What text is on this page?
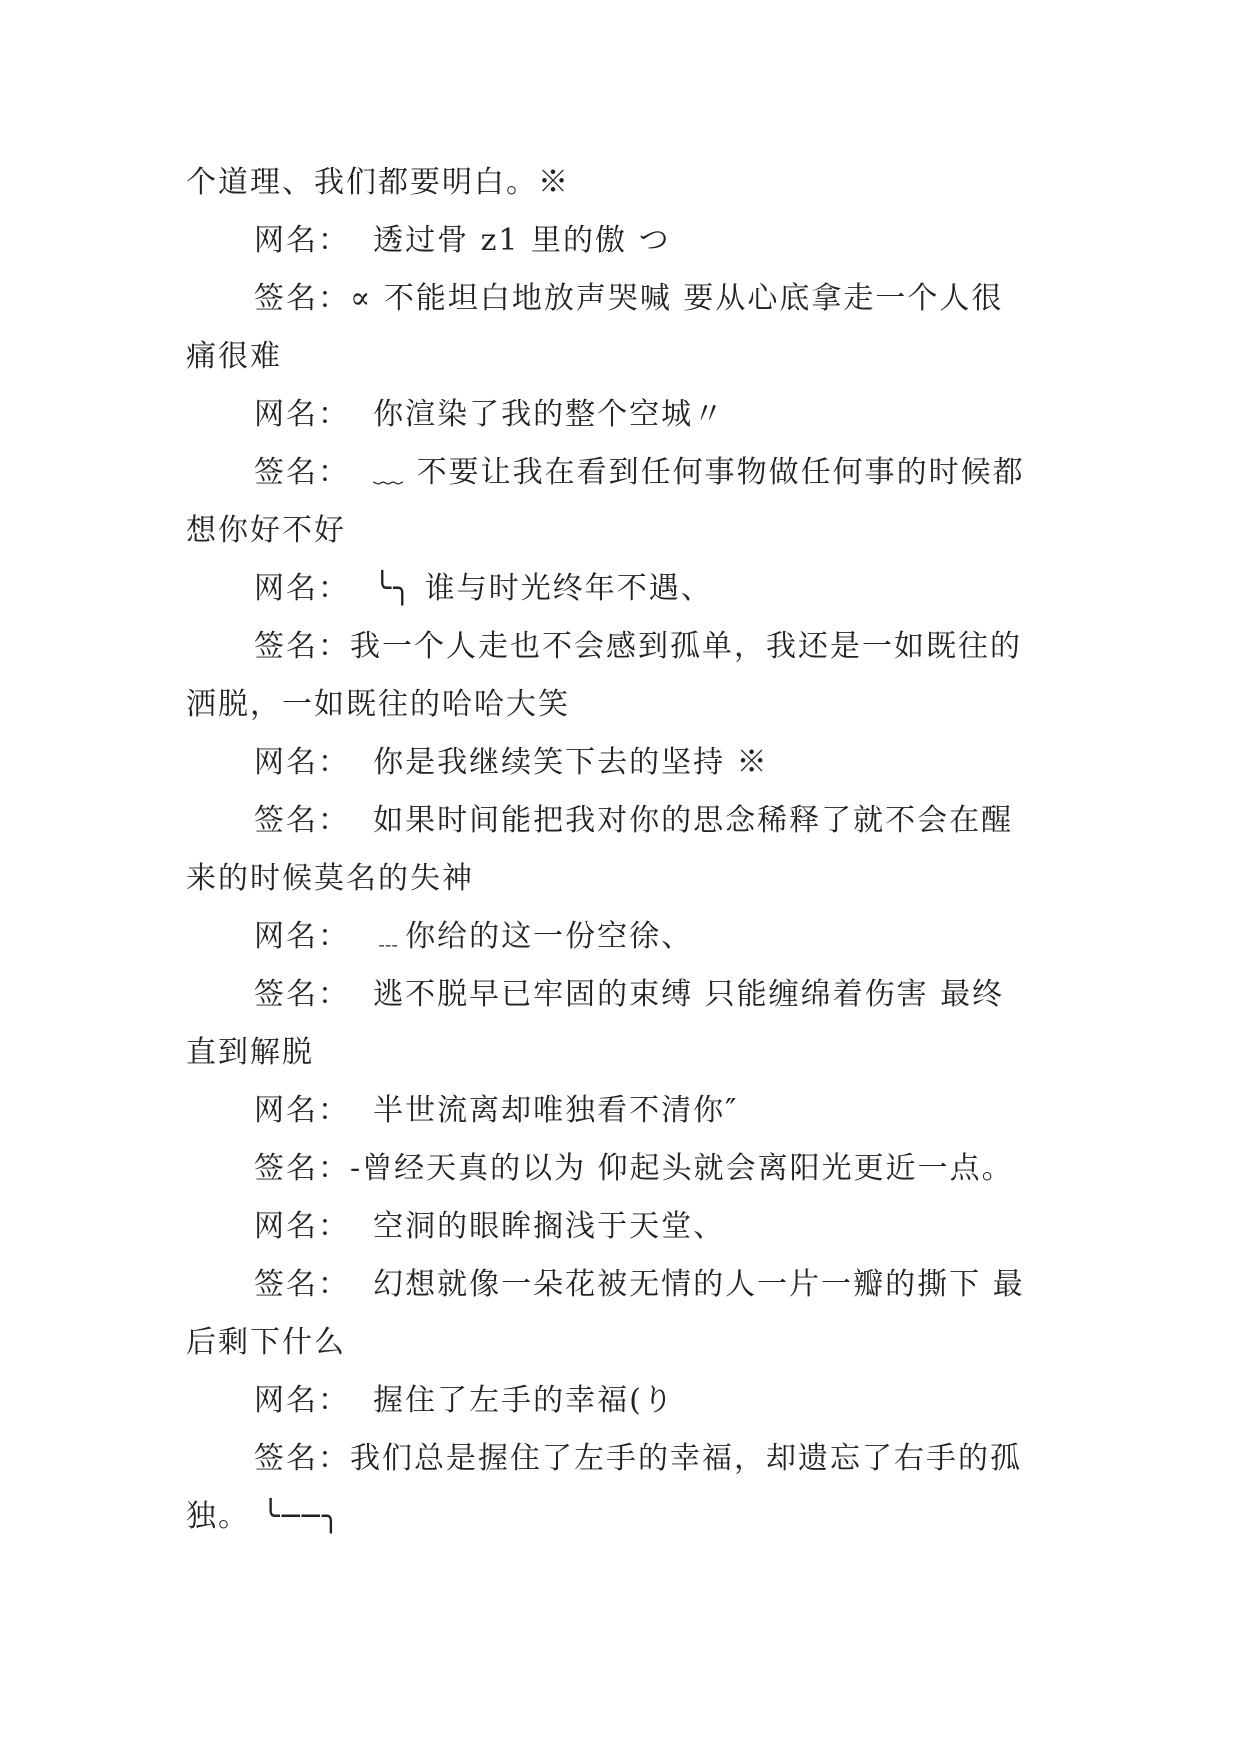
个道理、我们都要明白。※
网名：  透过骨 z1 里的傲 つ
签名：∝ 不能坦白地放声哭喊 要从心底拿走一个人很
痛很难
网名：  你渲染了我的整个空城〃
签名：  ﹏ 不要让我在看到任何事物做任何事的时候都
想你好不好
网名：  ╰╮ 谁与时光终年不遇、
签名：我一个人走也不会感到孤单，我还是一如既往的
洒脱，一如既往的哈哈大笑
网名：  你是我继续笑下去的坚持 ※
签名：  如果时间能把我对你的思念稀释了就不会在醒
来的时候莫名的失神
网名：  ﹍你给的这一份空徐、
签名：  逃不脱早已牢固的束缚 只能缠绵着伤害 最终
直到解脱
网名：  半世流离却唯独看不清你″
签名：-曾经天真的以为 仰起头就会离阳光更近一点。
网名：  空洞的眼眸搁浅于天堂、
签名：  幻想就像一朵花被无情的人一片一瓣的撕下 最
后剩下什么
网名：  握住了左手的幸福(り
签名：我们总是握住了左手的幸福，却遗忘了右手的孤
独。 ╰──╮
